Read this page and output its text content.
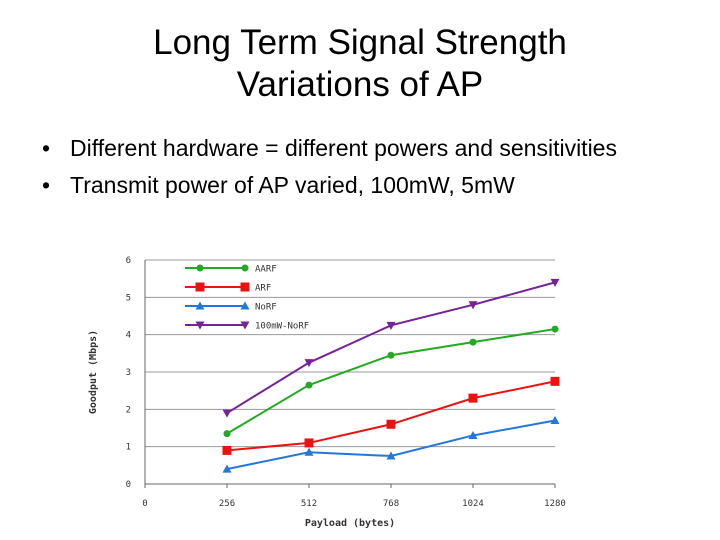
Long Term Signal Strength
Variations of AP
• Different hardware = different powers and sensitivities
• Transmit power of AP varied, 100mW, 5mW
0
1
2
3
4
5
6
0	256	512	768	1024	1280
Payload (bytes)
Goodput (Mbps)
AARF
ARF
NoRF
100mW-NoRF
